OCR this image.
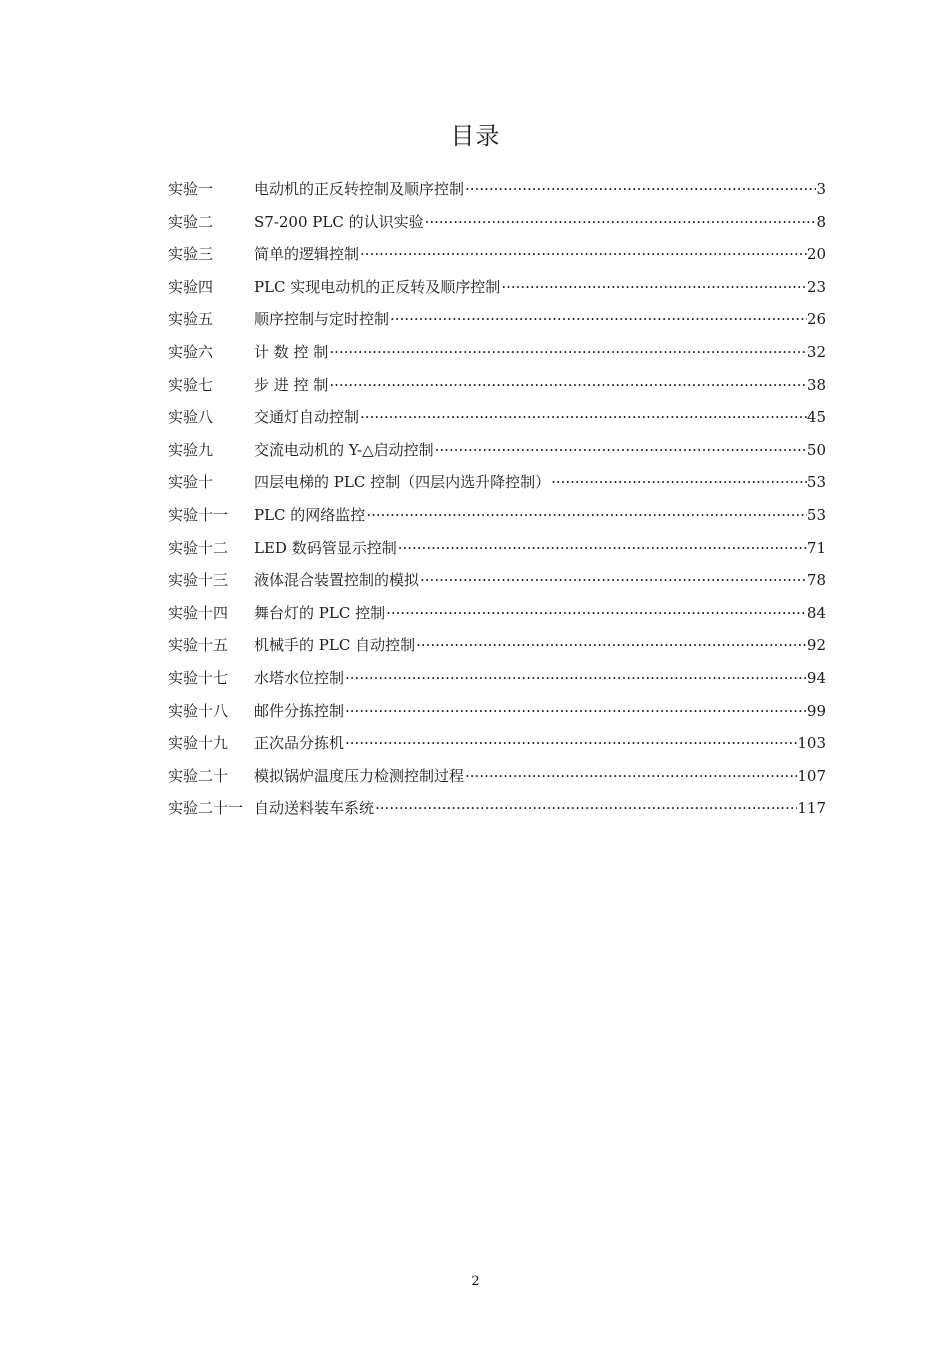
目录
实验一	电动机的正反转控制及顺序控制 ·····	3
实验二	S7-200 PLC 的认识实验 ·····	8
实验三	简单的逻辑控制 ·····	20
实验四	PLC 实现电动机的正反转及顺序控制 ·····	23
实验五	顺序控制与定时控制 ·····	26
实验六	计 数 控 制 ·····	32
实验七	步 进 控 制 ·····	38
实验八	交通灯自动控制 ·····	45
实验九	交流电动机的 Y-△启动控制 ·····	50
实验十	四层电梯的 PLC 控制（四层内选升降控制） ·····	53
实验十一	PLC 的网络监控 ·····	53
实验十二	LED 数码管显示控制 ·····	71
实验十三	液体混合装置控制的模拟 ·····	78
实验十四	舞台灯的 PLC 控制 ·····	84
实验十五	机械手的 PLC 自动控制 ·····	92
实验十七	水塔水位控制 ·····	94
实验十八	邮件分拣控制 ·····	99
实验十九	正次品分拣机 ·····	103
实验二十	模拟锅炉温度压力检测控制过程 ·····	107
实验二十一 自动送料装车系统 ·····	117
2
